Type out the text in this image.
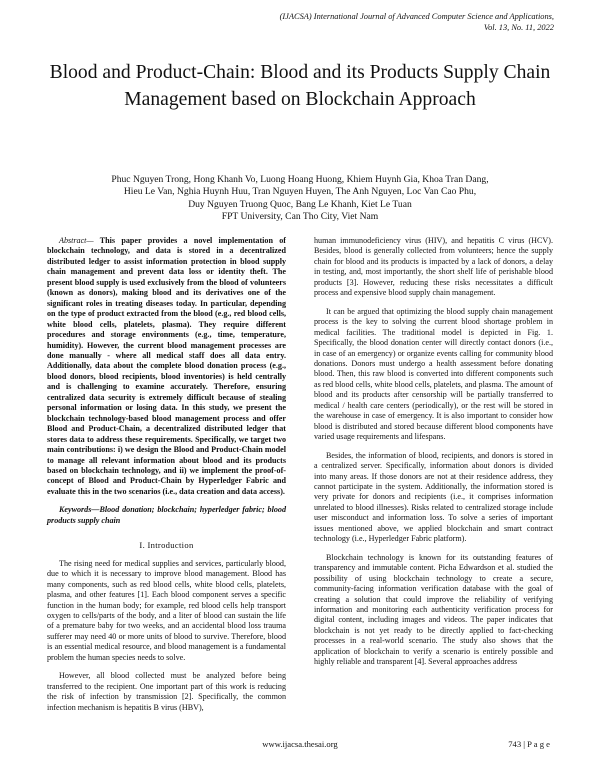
(IJACSA) International Journal of Advanced Computer Science and Applications,
Vol. 13, No. 11, 2022
Blood and Product-Chain: Blood and its Products Supply Chain Management based on Blockchain Approach
Phuc Nguyen Trong, Hong Khanh Vo, Luong Hoang Huong, Khiem Huynh Gia, Khoa Tran Dang,
Hieu Le Van, Nghia Huynh Huu, Tran Nguyen Huyen, The Anh Nguyen, Loc Van Cao Phu,
Duy Nguyen Truong Quoc, Bang Le Khanh, Kiet Le Tuan
FPT University, Can Tho City, Viet Nam

Abstract— This paper provides a novel implementation of blockchain technology, and data is stored in a decentralized distributed ledger to assist information protection in blood supply chain management and prevent data loss or identity theft. The present blood supply is used exclusively from the blood of volunteers (known as donors), making blood and its derivatives one of the significant roles in treating diseases today. In particular, depending on the type of product extracted from the blood (e.g., red blood cells, white blood cells, platelets, plasma). They require different procedures and storage environments (e.g., time, temperature, humidity). However, the current blood management processes are done manually - where all medical staff does all data entry. Additionally, data about the complete blood donation process (e.g., blood donors, blood recipients, blood inventories) is held centrally and is challenging to examine accurately. Therefore, ensuring centralized data security is extremely difficult because of stealing personal information or losing data. In this study, we present the blockchain technology-based blood management process and offer Blood and Product-Chain, a decentralized distributed ledger that stores data to address these requirements. Specifically, we target two main contributions: i) we design the Blood and Product-Chain model to manage all relevant information about blood and its products based on blockchain technology, and ii) we implement the proof-of-concept of Blood and Product-Chain by Hyperledger Fabric and evaluate this in the two scenarios (i.e., data creation and data access).

Keywords—Blood donation; blockchain; hyperledger fabric; blood products supply chain

I. Introduction

The rising need for medical supplies and services, particularly blood, due to which it is necessary to improve blood management. Blood has many components, such as red blood cells, white blood cells, platelets, plasma, and other features [1]. Each blood component serves a specific function in the human body; for example, red blood cells help transport oxygen to cells/parts of the body, and a liter of blood can sustain the life of a premature baby for two weeks, and an accidental blood loss trauma sufferer may need 40 or more units of blood to survive. Therefore, blood is an essential medical resource, and blood management is a fundamental problem the human species needs to solve.

However, all blood collected must be analyzed before being transferred to the recipient. One important part of this work is reducing the risk of infection by transmission [2]. Specifically, the common infection mechanism is hepatitis B virus (HBV),

human immunodeficiency virus (HIV), and hepatitis C virus (HCV). Besides, blood is generally collected from volunteers; hence the supply chain for blood and its products is impacted by a lack of donors, a delay in testing, and, most importantly, the short shelf life of perishable blood products [3]. However, reducing these risks necessitates a difficult process and expensive blood supply chain management.

It can be argued that optimizing the blood supply chain management process is the key to solving the current blood shortage problem in medical facilities. The traditional model is depicted in Fig. 1. Specifically, the blood donation center will directly contact donors (i.e., in case of an emergency) or organize events calling for community blood donations. Donors must undergo a health assessment before donating blood. Then, this raw blood is converted into different components such as red blood cells, white blood cells, platelets, and plasma. The amount of blood and its products after censorship will be partially transferred to medical / health care centers (periodically), or the rest will be stored in the warehouse in case of emergency. It is also important to consider how blood is distributed and stored because different blood components have varied usage requirements and lifespans.

Besides, the information of blood, recipients, and donors is stored in a centralized server. Specifically, information about donors is divided into many areas. If those donors are not at their residence address, they cannot participate in the system. Additionally, the information stored is very private for donors and recipients (i.e., it comprises information unrelated to blood illnesses). Risks related to centralized storage include user misconduct and information loss. To solve a series of important issues mentioned above, we applied blockchain and smart contract technology (i.e., Hyperledger Fabric platform).

Blockchain technology is known for its outstanding features of transparency and immutable content. Picha Edwardson et al. studied the possibility of using blockchain technology to create a secure, community-facing information verification database with the goal of creating a solution that could improve the reliability of verifying information and monitoring each authenticity verification process for digital content, including images and videos. The paper indicates that blockchain is not yet ready to be directly applied to fact-checking processes in a real-world scenario. The study also shows that the application of blockchain to verify a scenario is entirely possible and highly reliable and transparent [4]. Several approaches address

www.ijacsa.thesai.org	743 | P a g e
